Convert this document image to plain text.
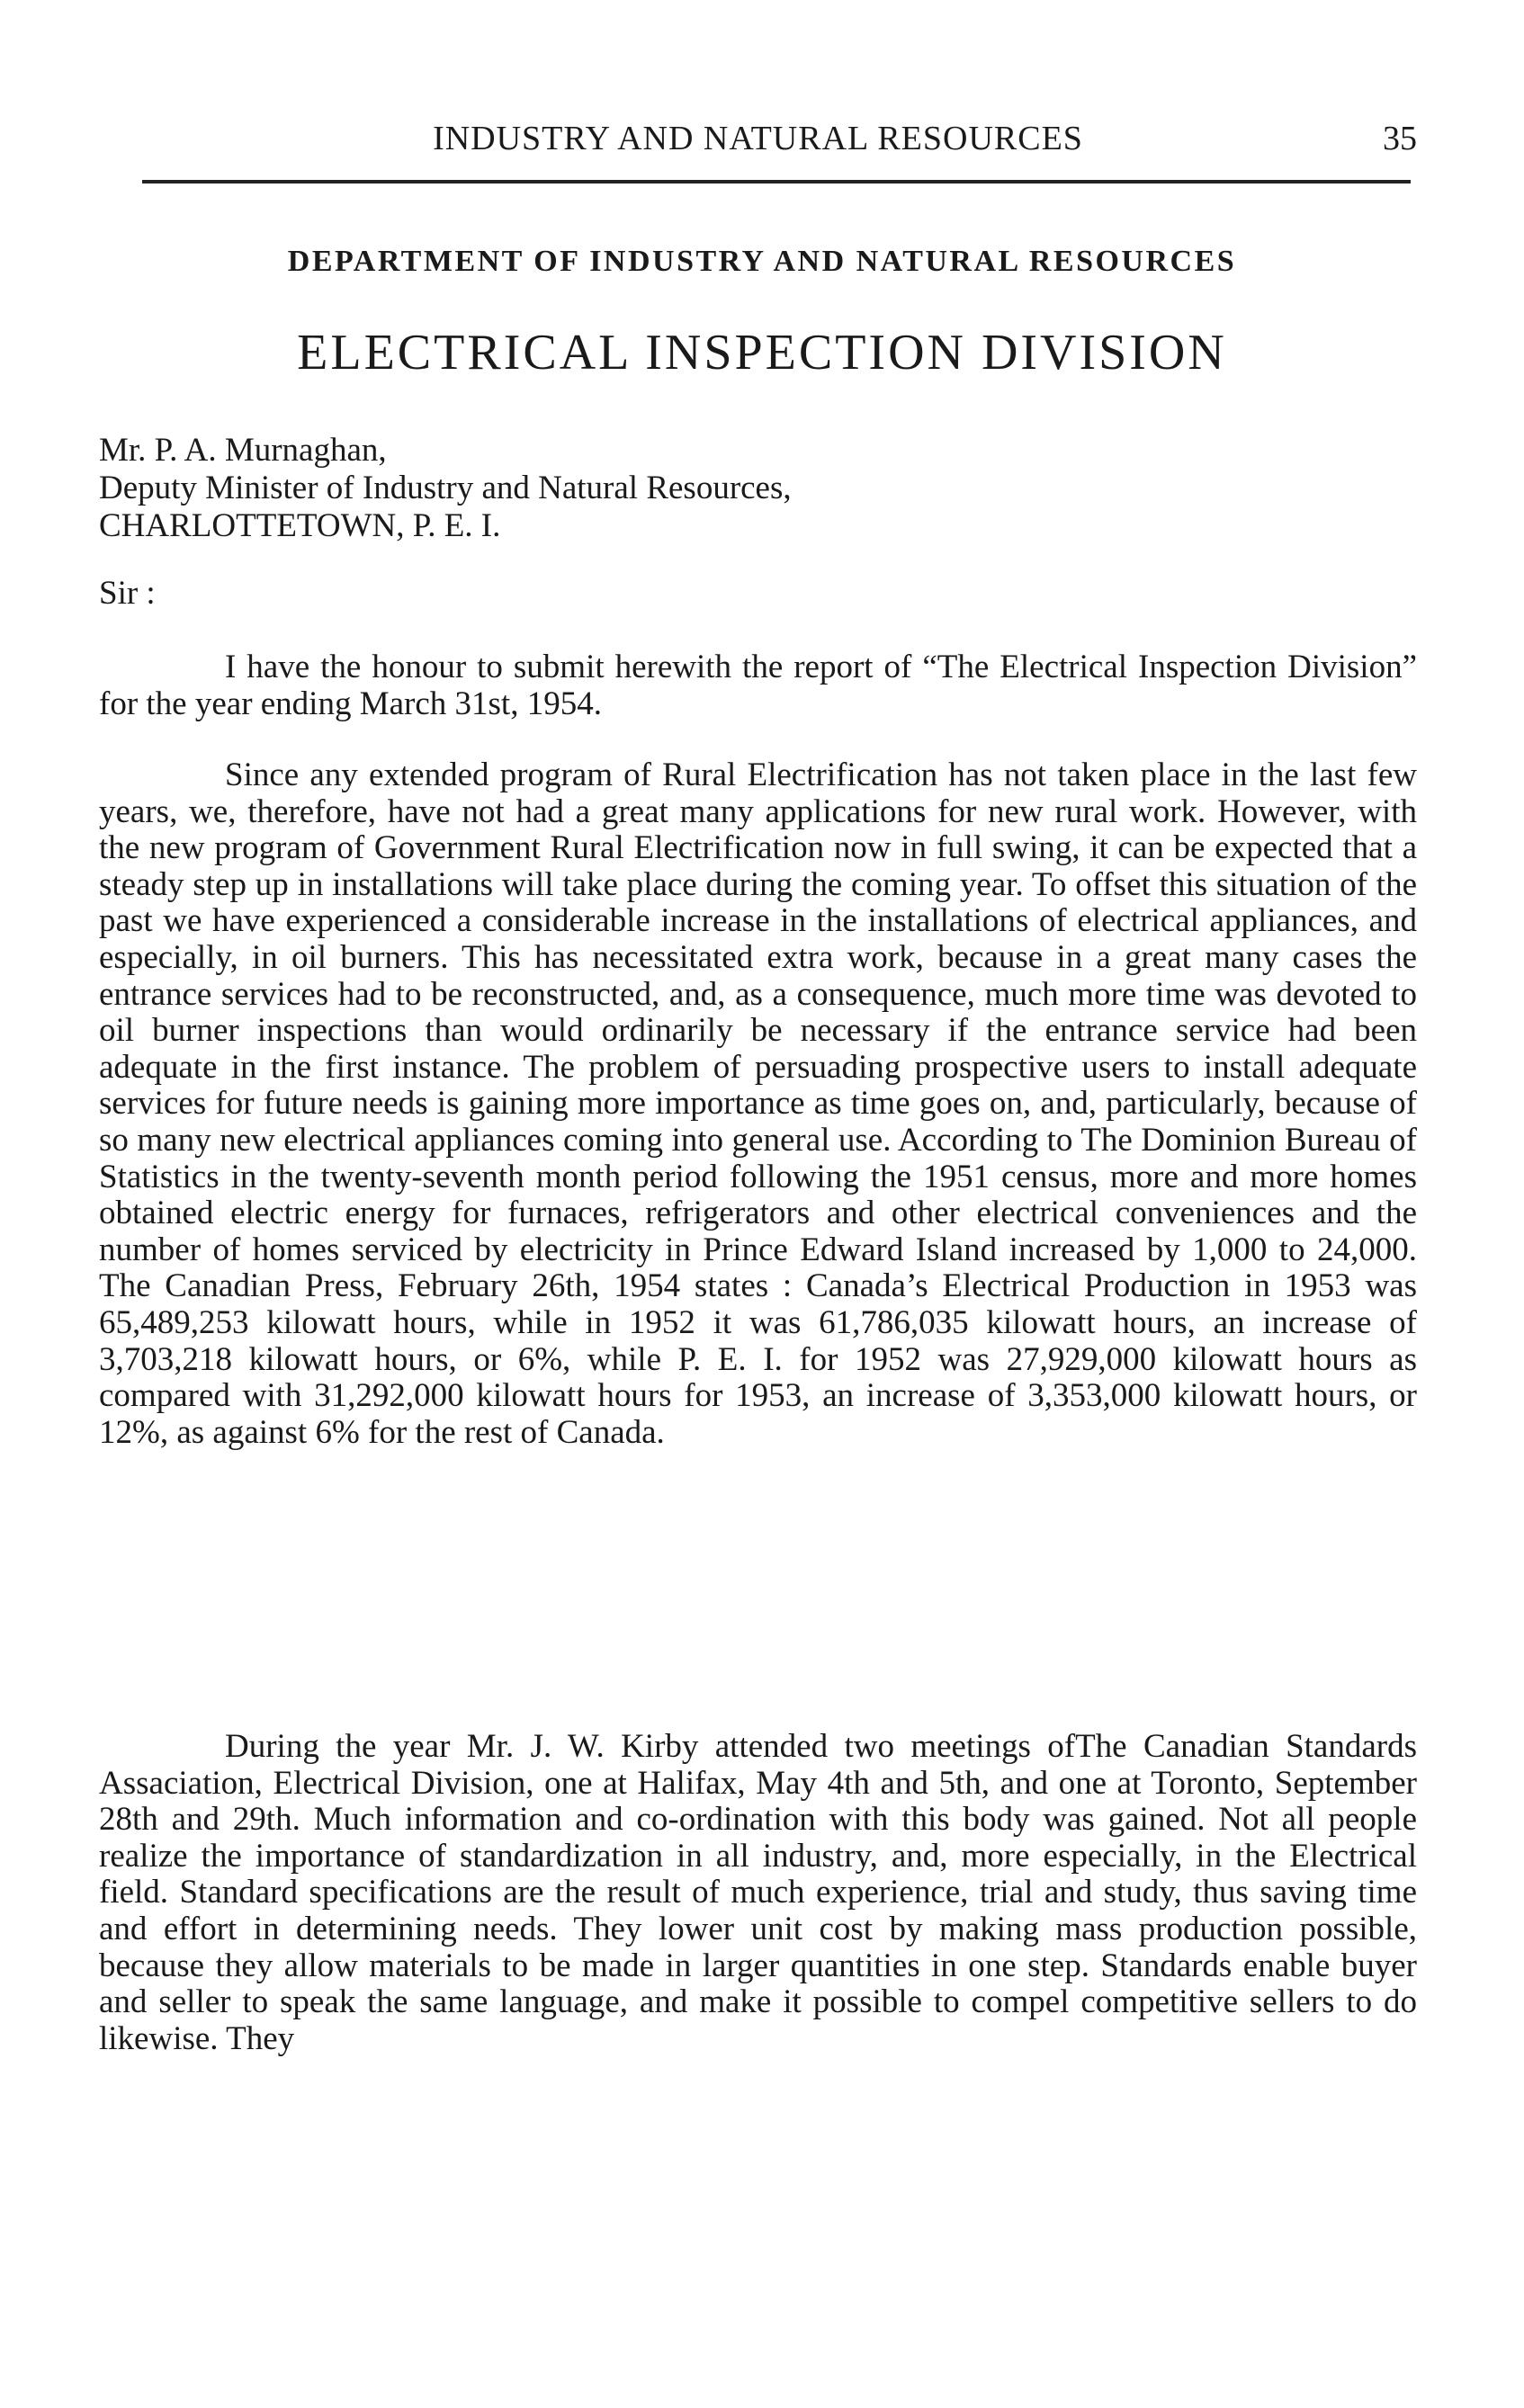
INDUSTRY AND NATURAL RESOURCES	35
DEPARTMENT OF INDUSTRY AND NATURAL RESOURCES
ELECTRICAL INSPECTION DIVISION
Mr. P. A. Murnaghan,
Deputy Minister of Industry and Natural Resources,
CHARLOTTETOWN, P. E. I.
Sir :

I have the honour to submit herewith the report of “The Electrical Inspection Division” for the year ending March 31st, 1954.

Since any extended program of Rural Electrification has not taken place in the last few years, we, therefore, have not had a great many applications for new rural work. However, with the new program of Government Rural Electrification now in full swing, it can be expected that a steady step up in installations will take place during the coming year. To offset this situation of the past we have experienced a considerable increase in the installations of electrical appliances, and especially, in oil burners. This has necessitated extra work, because in a great many cases the entrance services had to be reconstructed, and, as a consequence, much more time was devoted to oil burner inspections than would ordinarily be necessary if the entrance service had been adequate in the first instance. The problem of persuading prospective users to install adequate services for future needs is gaining more importance as time goes on, and, particularly, because of so many new electrical appliances coming into general use. According to The Dominion Bureau of Statistics in the twenty-seventh month period following the 1951 census, more and more homes obtained electric energy for furnaces, refrigerators and other electrical conveniences and the number of homes serviced by electricity in Prince Edward Island increased by 1,000 to 24,000. The Canadian Press, February 26th, 1954 states : Canada’s Electrical Production in 1953 was 65,489,253 kilowatt hours, while in 1952 it was 61,786,035 kilowatt hours, an increase of 3,703,218 kilowatt hours, or 6%, while P. E. I. for 1952 was 27,929,000 kilowatt hours as compared with 31,292,000 kilowatt hours for 1953, an increase of 3,353,000 kilowatt hours, or 12%, as against 6% for the rest of Canada.

During the year Mr. J. W. Kirby attended two meetings ofThe Canadian Standards Assaciation, Electrical Division, one at Halifax, May 4th and 5th, and one at Toronto, September 28th and 29th. Much information and co-ordination with this body was gained. Not all people realize the importance of standardization in all industry, and, more especially, in the Electrical field. Standard specifications are the result of much experience, trial and study, thus saving time and effort in determining needs. They lower unit cost by making mass production possible, because they allow materials to be made in larger quantities in one step. Standards enable buyer and seller to speak the same language, and make it possible to compel competitive sellers to do likewise. They
